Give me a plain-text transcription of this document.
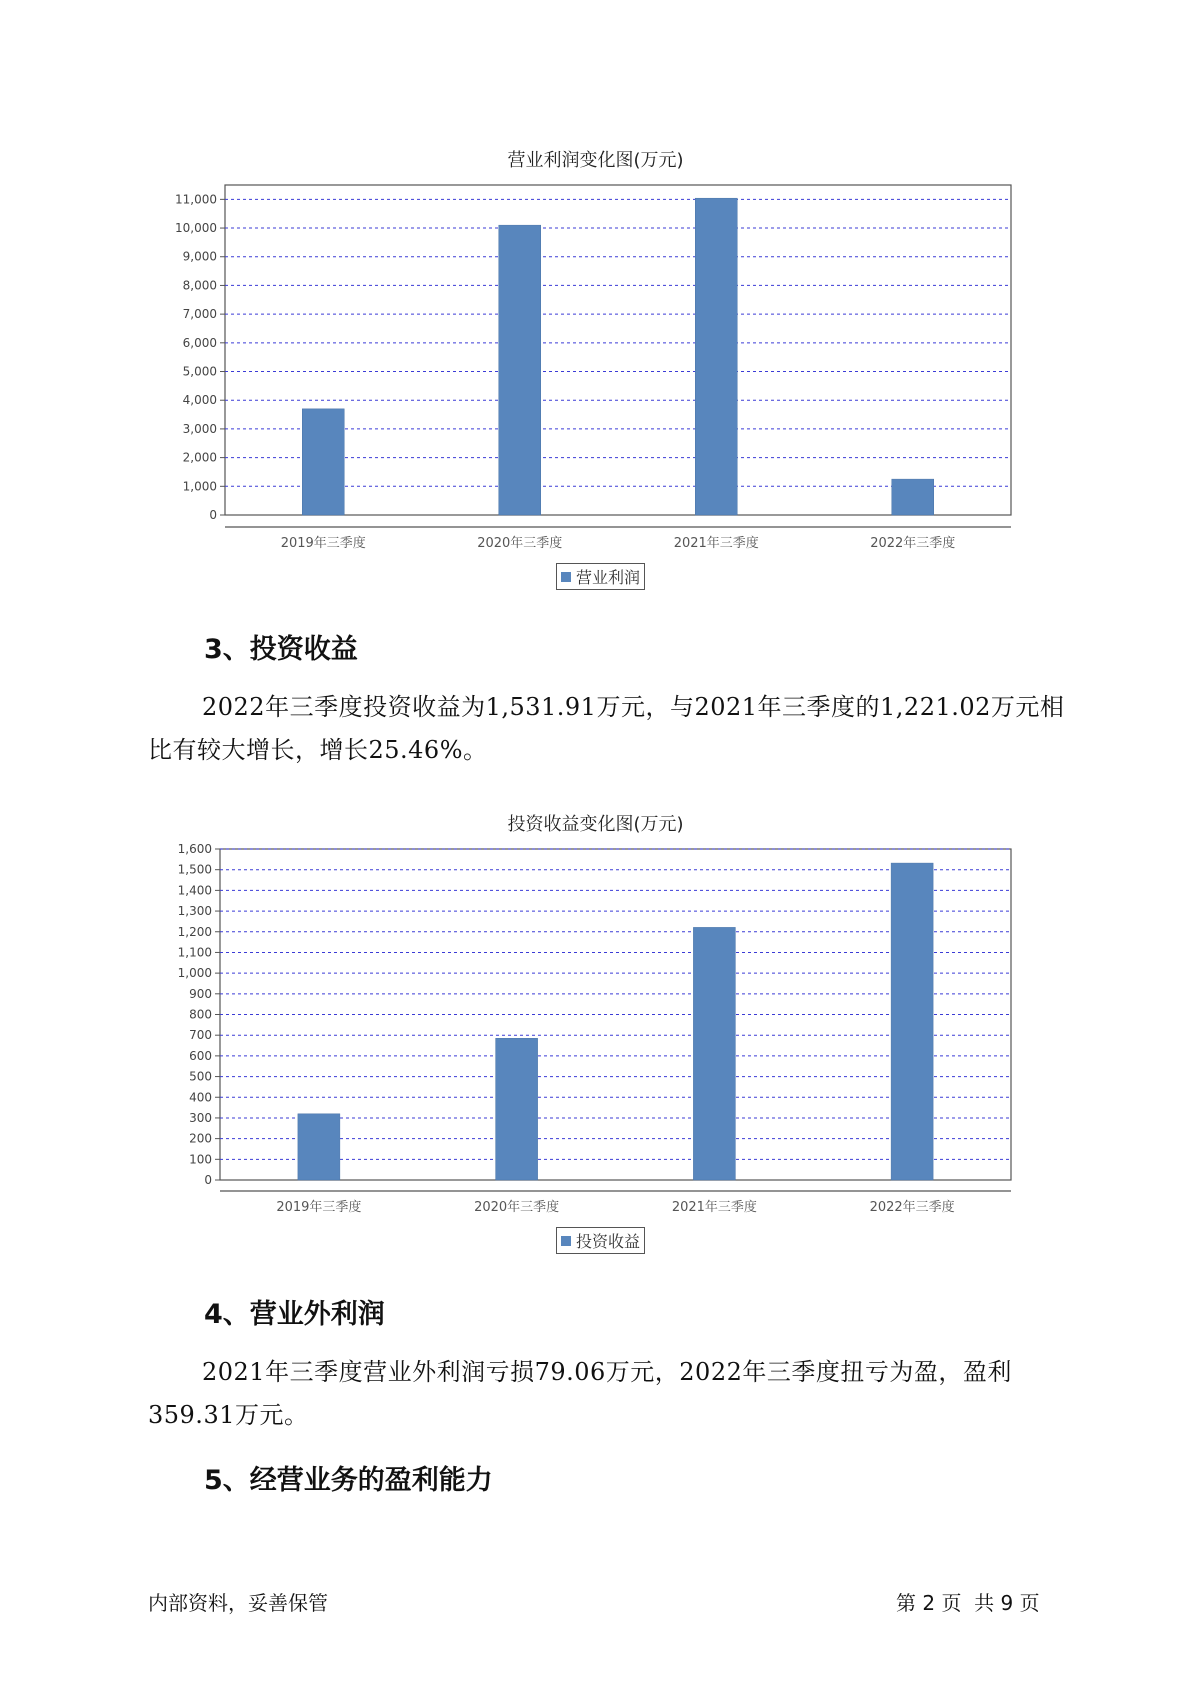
营业利润变化图(万元)
0
1,000
2,000
3,000
4,000
5,000
6,000
7,000
8,000
9,000
10,000
11,000
2019年三季度	2020年三季度	2021年三季度	2022年三季度
营业利润
3、投资收益
2022年三季度投资收益为1,531.91万元，与2021年三季度的1,221.02万元相比有较大增长，增长25.46%。
投资收益变化图(万元)
0
100
200
300
400
500
600
700
800
900
1,000
1,100
1,200
1,300
1,400
1,500
1,600
2019年三季度	2020年三季度	2021年三季度	2022年三季度
投资收益
4、营业外利润
2021年三季度营业外利润亏损79.06万元，2022年三季度扭亏为盈，盈利359.31万元。
5、经营业务的盈利能力
内部资料，妥善保管	第 2 页  共 9 页
